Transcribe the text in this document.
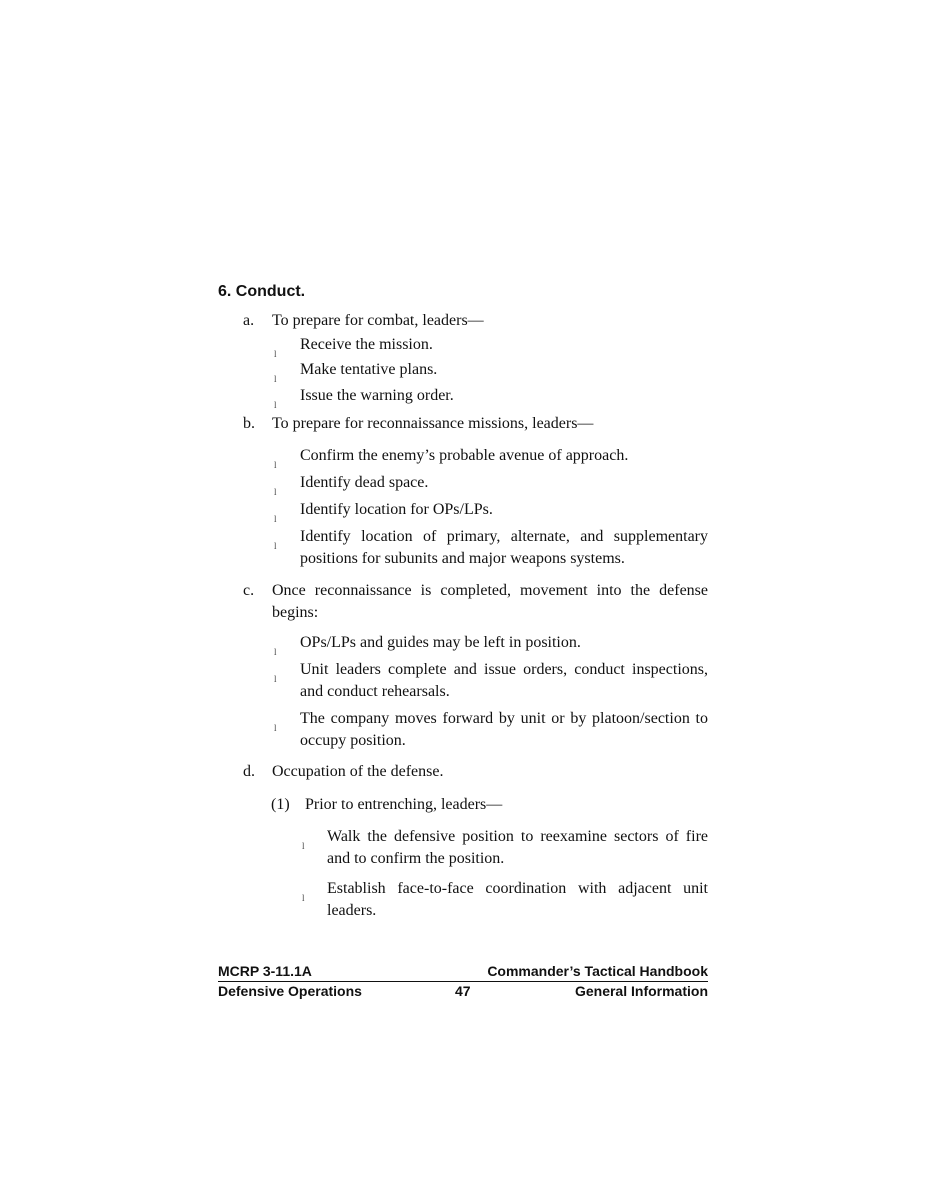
6. Conduct.
a. To prepare for combat, leaders—
l
Receive the mission.
l
Make tentative plans.
l
Issue the warning order.
b. To prepare for reconnaissance missions, leaders—
l
Confirm the enemy’s probable avenue of approach.
l
Identify dead space.
l
Identify location for OPs/LPs.
l
Identify location of primary, alternate, and supplementary positions for subunits and major weapons systems.
c. Once reconnaissance is completed, movement into the defense begins:
l
OPs/LPs and guides may be left in position.
l
Unit leaders complete and issue orders, conduct inspections, and conduct rehearsals.
l
The company moves forward by unit or by platoon/section to occupy position.
d. Occupation of the defense.
(1) Prior to entrenching, leaders—
l
Walk the defensive position to reexamine sectors of fire and to confirm the position.
l
Establish face-to-face coordination with adjacent unit leaders.
MCRP 3-11.1A	Commander’s Tactical Handbook
Defensive Operations	47	General Information
